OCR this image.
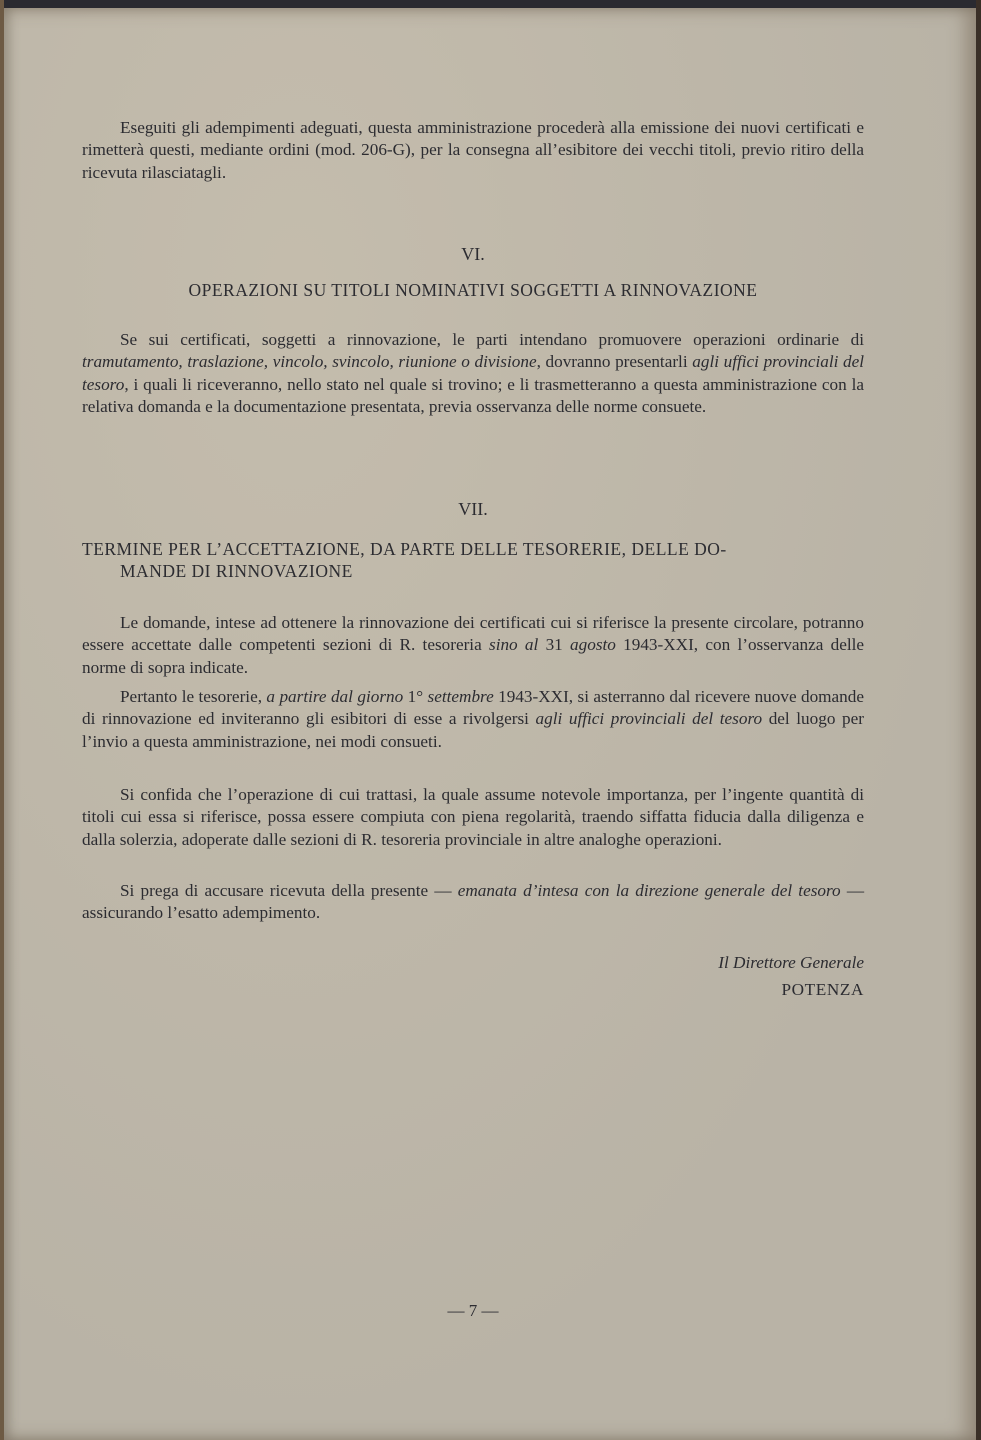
Eseguiti gli adempimenti adeguati, questa amministrazione procederà alla emissione dei nuovi certificati e rimetterà questi, mediante ordini (mod. 206-G), per la consegna all’esibitore dei vecchi titoli, previo ritiro della ricevuta rilasciatagli.

VI.
OPERAZIONI SU TITOLI NOMINATIVI SOGGETTI A RINNOVAZIONE

Se sui certificati, soggetti a rinnovazione, le parti intendano promuovere operazioni ordinarie di tramutamento, traslazione, vincolo, svincolo, riunione o divisione, dovranno presentarli agli uffici provinciali del tesoro, i quali li riceveranno, nello stato nel quale si trovino; e li trasmetteranno a questa amministrazione con la relativa domanda e la documentazione presentata, previa osservanza delle norme consuete.

VII.
TERMINE PER L’ACCETTAZIONE, DA PARTE DELLE TESORERIE, DELLE DO-
MANDE DI RINNOVAZIONE

Le domande, intese ad ottenere la rinnovazione dei certificati cui si riferisce la presente circolare, potranno essere accettate dalle competenti sezioni di R. tesoreria sino al 31 agosto 1943-XXI, con l’osservanza delle norme di sopra indicate.

Pertanto le tesorerie, a partire dal giorno 1° settembre 1943-XXI, si asterranno dal ricevere nuove domande di rinnovazione ed inviteranno gli esibitori di esse a rivolgersi agli uffici provinciali del tesoro del luogo per l’invio a questa amministrazione, nei modi consueti.

Si confida che l’operazione di cui trattasi, la quale assume notevole importanza, per l’ingente quantità di titoli cui essa si riferisce, possa essere compiuta con piena regolarità, traendo siffatta fiducia dalla diligenza e dalla solerzia, adoperate dalle sezioni di R. tesoreria provinciale in altre analoghe operazioni.

Si prega di accusare ricevuta della presente — emanata d’intesa con la direzione generale del tesoro — assicurando l’esatto adempimento.

Il Direttore Generale
POTENZA
— 7 —
